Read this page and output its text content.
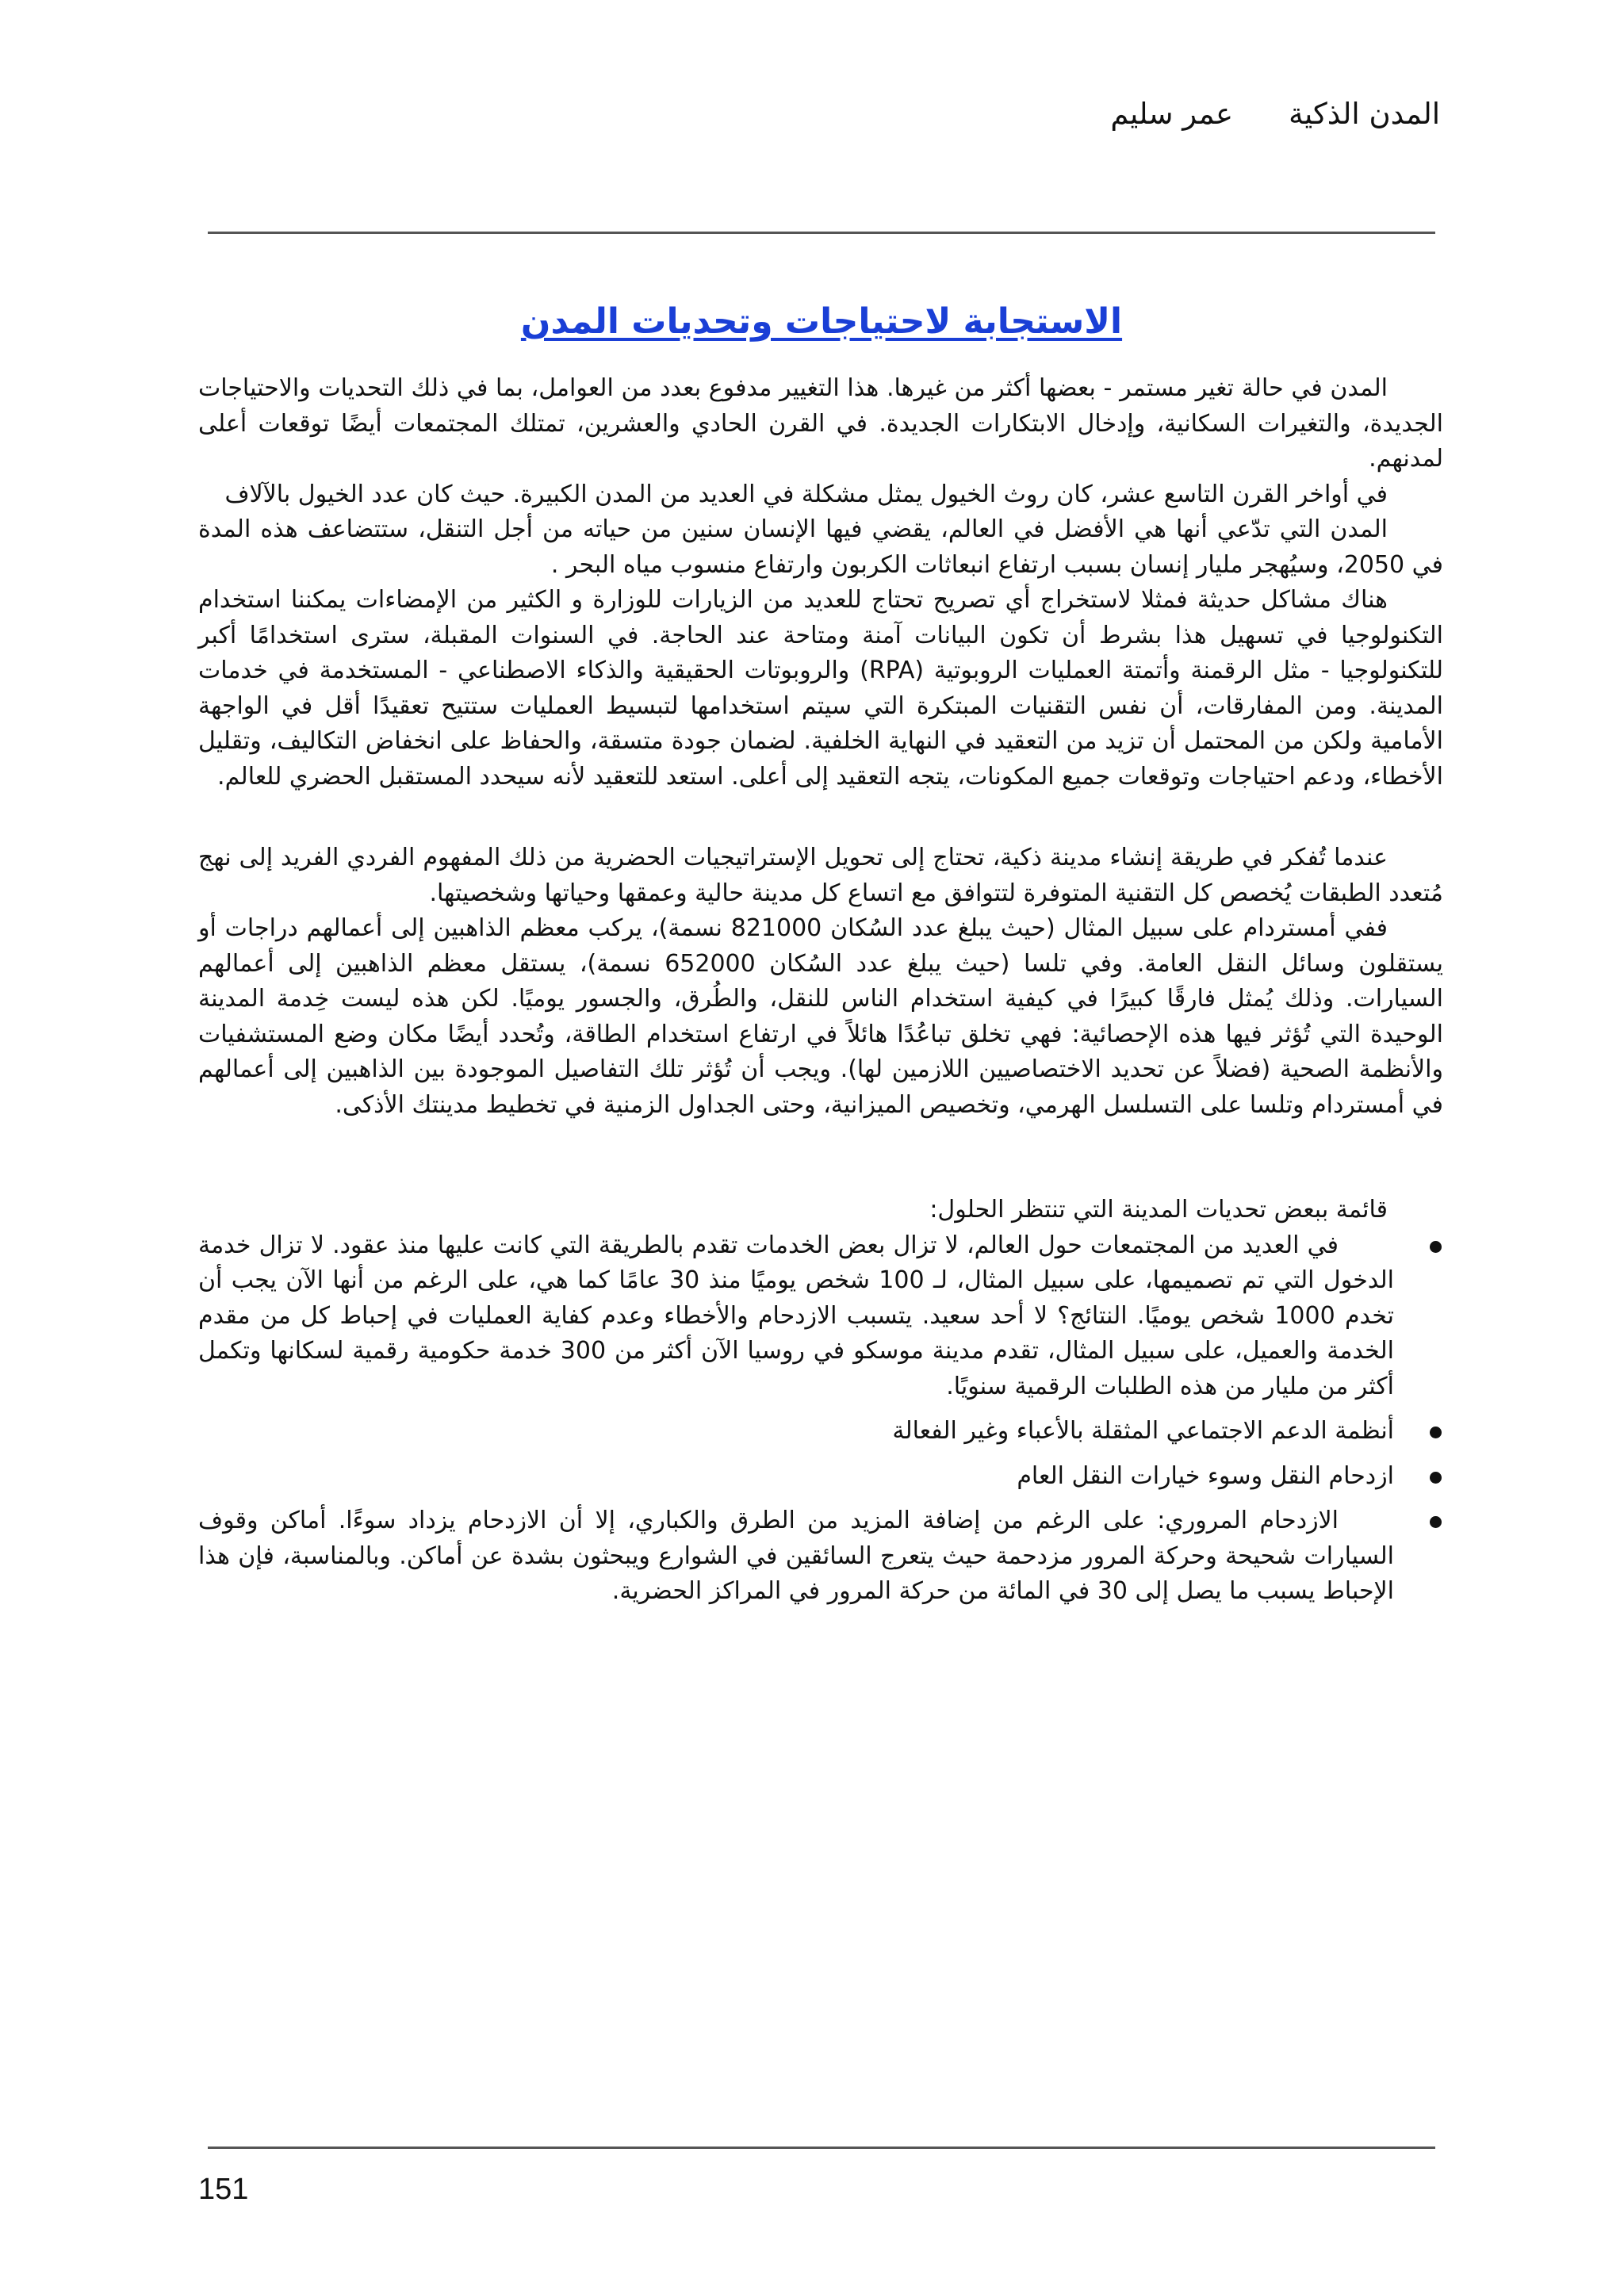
المدن الذكية
عمر سليم
الاستجابة لاحتياجات وتحديات المدن

المدن في حالة تغير مستمر - بعضها أكثر من غيرها. هذا التغيير مدفوع بعدد من العوامل، بما في ذلك التحديات والاحتياجات الجديدة، والتغيرات السكانية، وإدخال الابتكارات الجديدة. في القرن الحادي والعشرين، تمتلك المجتمعات أيضًا توقعات أعلى لمدنهم.

في أواخر القرن التاسع عشر، كان روث الخيول يمثل مشكلة في العديد من المدن الكبيرة. حيث كان عدد الخيول بالآلاف

المدن التي تدّعي أنها هي الأفضل في العالم، يقضي فيها الإنسان سنين من حياته من أجل التنقل، ستتضاعف هذه المدة في 2050، وسيُهجر مليار إنسان بسبب ارتفاع انبعاثات الكربون وارتفاع منسوب مياه البحر .

هناك مشاكل حديثة فمثلا لاستخراج أي تصريح تحتاج للعديد من الزيارات للوزارة و الكثير من الإمضاءات يمكننا استخدام التكنولوجيا في تسهيل هذا بشرط أن تكون البيانات آمنة ومتاحة عند الحاجة. في السنوات المقبلة، سترى استخدامًا أكبر للتكنولوجيا - مثل الرقمنة وأتمتة العمليات الروبوتية (RPA) والروبوتات الحقيقية والذكاء الاصطناعي - المستخدمة في خدمات المدينة. ومن المفارقات، أن نفس التقنيات المبتكرة التي سيتم استخدامها لتبسيط العمليات ستتيح تعقيدًا أقل في الواجهة الأمامية ولكن من المحتمل أن تزيد من التعقيد في النهاية الخلفية. لضمان جودة متسقة، والحفاظ على انخفاض التكاليف، وتقليل الأخطاء، ودعم احتياجات وتوقعات جميع المكونات، يتجه التعقيد إلى أعلى. استعد للتعقيد لأنه سيحدد المستقبل الحضري للعالم.

عندما تُفكر في طريقة إنشاء مدينة ذكية، تحتاج إلى تحويل الإستراتيجيات الحضرية من ذلك المفهوم الفردي الفريد إلى نهج مُتعدد الطبقات يُخصص كل التقنية المتوفرة لتتوافق مع اتساع كل مدينة حالية وعمقها وحياتها وشخصيتها.

ففي أمستردام على سبيل المثال (حيث يبلغ عدد السُكان 821000 نسمة)، يركب معظم الذاهبين إلى أعمالهم دراجات أو يستقلون وسائل النقل العامة. وفي تلسا (حيث يبلغ عدد السُكان 652000 نسمة)، يستقل معظم الذاهبين إلى أعمالهم السيارات. وذلك يُمثل فارقًا كبيرًا في كيفية استخدام الناس للنقل، والطُرق، والجسور يوميًا. لكن هذه ليست خِدمة المدينة الوحيدة التي تُؤثر فيها هذه الإحصائية: فهي تخلق تباعُدًا هائلاً في ارتفاع استخدام الطاقة، وتُحدد أيضًا مكان وضع المستشفيات والأنظمة الصحية (فضلاً عن تحديد الاختصاصيين اللازمين لها). ويجب أن تُؤثر تلك التفاصيل الموجودة بين الذاهبين إلى أعمالهم في أمستردام وتلسا على التسلسل الهرمي، وتخصيص الميزانية، وحتى الجداول الزمنية في تخطيط مدينتك الأذكى.

قائمة ببعض تحديات المدينة التي تنتظر الحلول:

في العديد من المجتمعات حول العالم، لا تزال بعض الخدمات تقدم بالطريقة التي كانت عليها منذ عقود. لا تزال خدمة الدخول التي تم تصميمها، على سبيل المثال، لـ 100 شخص يوميًا منذ 30 عامًا كما هي، على الرغم من أنها الآن يجب أن تخدم 1000 شخص يوميًا. النتائج؟ لا أحد سعيد. يتسبب الازدحام والأخطاء وعدم كفاية العمليات في إحباط كل من مقدم الخدمة والعميل، على سبيل المثال، تقدم مدينة موسكو في روسيا الآن أكثر من 300 خدمة حكومية رقمية لسكانها وتكمل أكثر من مليار من هذه الطلبات الرقمية سنويًا.
أنظمة الدعم الاجتماعي المثقلة بالأعباء وغير الفعالة
ازدحام النقل وسوء خيارات النقل العام
الازدحام المروري: على الرغم من إضافة المزيد من الطرق والكباري، إلا أن الازدحام يزداد سوءًا. أماكن وقوف السيارات شحيحة وحركة المرور مزدحمة حيث يتعرج السائقين في الشوارع ويبحثون بشدة عن أماكن. وبالمناسبة، فإن هذا الإحباط يسبب ما يصل إلى 30 في المائة من حركة المرور في المراكز الحضرية.
151
